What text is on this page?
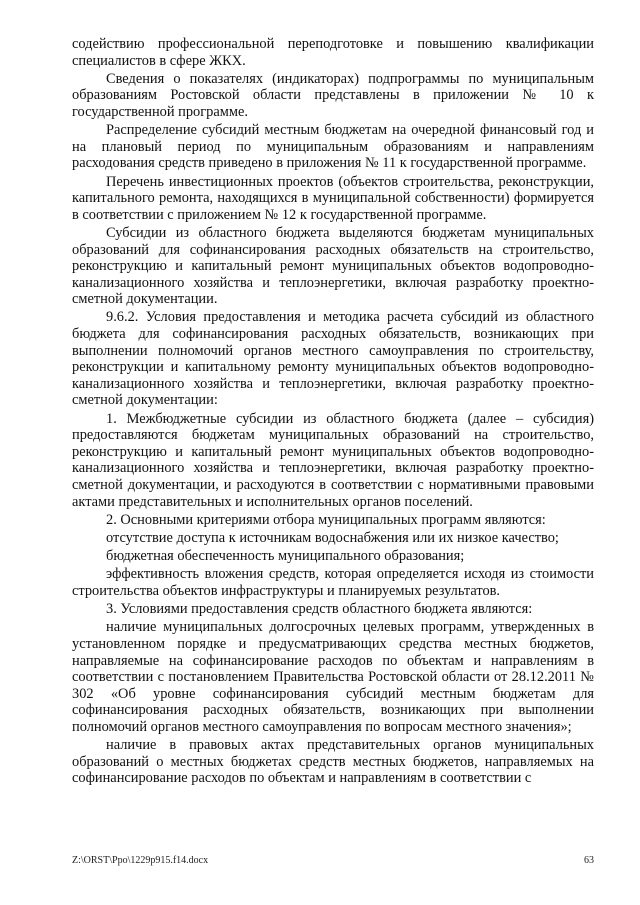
содействию профессиональной переподготовке и повышению квалификации специалистов в сфере ЖКХ.

Сведения о показателях (индикаторах) подпрограммы по муниципальным образованиям Ростовской области представлены в приложении № 10 к государственной программе.

Распределение субсидий местным бюджетам на очередной финансовый год и на плановый период по муниципальным образованиям и направлениям расходования средств приведено в приложения № 11 к государственной программе.

Перечень инвестиционных проектов (объектов строительства, реконструкции, капитального ремонта, находящихся в муниципальной собственности) формируется в соответствии с приложением № 12 к государственной программе.

Субсидии из областного бюджета выделяются бюджетам муниципальных образований для софинансирования расходных обязательств на строительство, реконструкцию и капитальный ремонт муниципальных объектов водопроводно-канализационного хозяйства и теплоэнергетики, включая разработку проектно-сметной документации.

9.6.2. Условия предоставления и методика расчета субсидий из областного бюджета для софинансирования расходных обязательств, возникающих при выполнении полномочий органов местного самоуправления по строительству, реконструкции и капитальному ремонту муниципальных объектов водопроводно-канализационного хозяйства и теплоэнергетики, включая разработку проектно-сметной документации:

1. Межбюджетные субсидии из областного бюджета (далее – субсидия) предоставляются бюджетам муниципальных образований на строительство, реконструкцию и капитальный ремонт муниципальных объектов водопроводно-канализационного хозяйства и теплоэнергетики, включая разработку проектно-сметной документации, и расходуются в соответствии с нормативными правовыми актами представительных и исполнительных органов поселений.

2. Основными критериями отбора муниципальных программ являются:

отсутствие доступа к источникам водоснабжения или их низкое качество;

бюджетная обеспеченность муниципального образования;

эффективность вложения средств, которая определяется исходя из стоимости строительства объектов инфраструктуры и планируемых результатов.

3. Условиями предоставления средств областного бюджета являются:

наличие муниципальных долгосрочных целевых программ, утвержденных в установленном порядке и предусматривающих средства местных бюджетов, направляемые на софинансирование расходов по объектам и направлениям в соответствии с постановлением Правительства Ростовской области от 28.12.2011 № 302 «Об уровне софинансирования субсидий местным бюджетам для софинансирования расходных обязательств, возникающих при выполнении полномочий органов местного самоуправления по вопросам местного значения»;

наличие в правовых актах представительных органов муниципальных образований о местных бюджетах средств местных бюджетов, направляемых на софинансирование расходов по объектам и направлениям в соответствии с

Z:\ORST\Ppo\1229p915.f14.docx	63
